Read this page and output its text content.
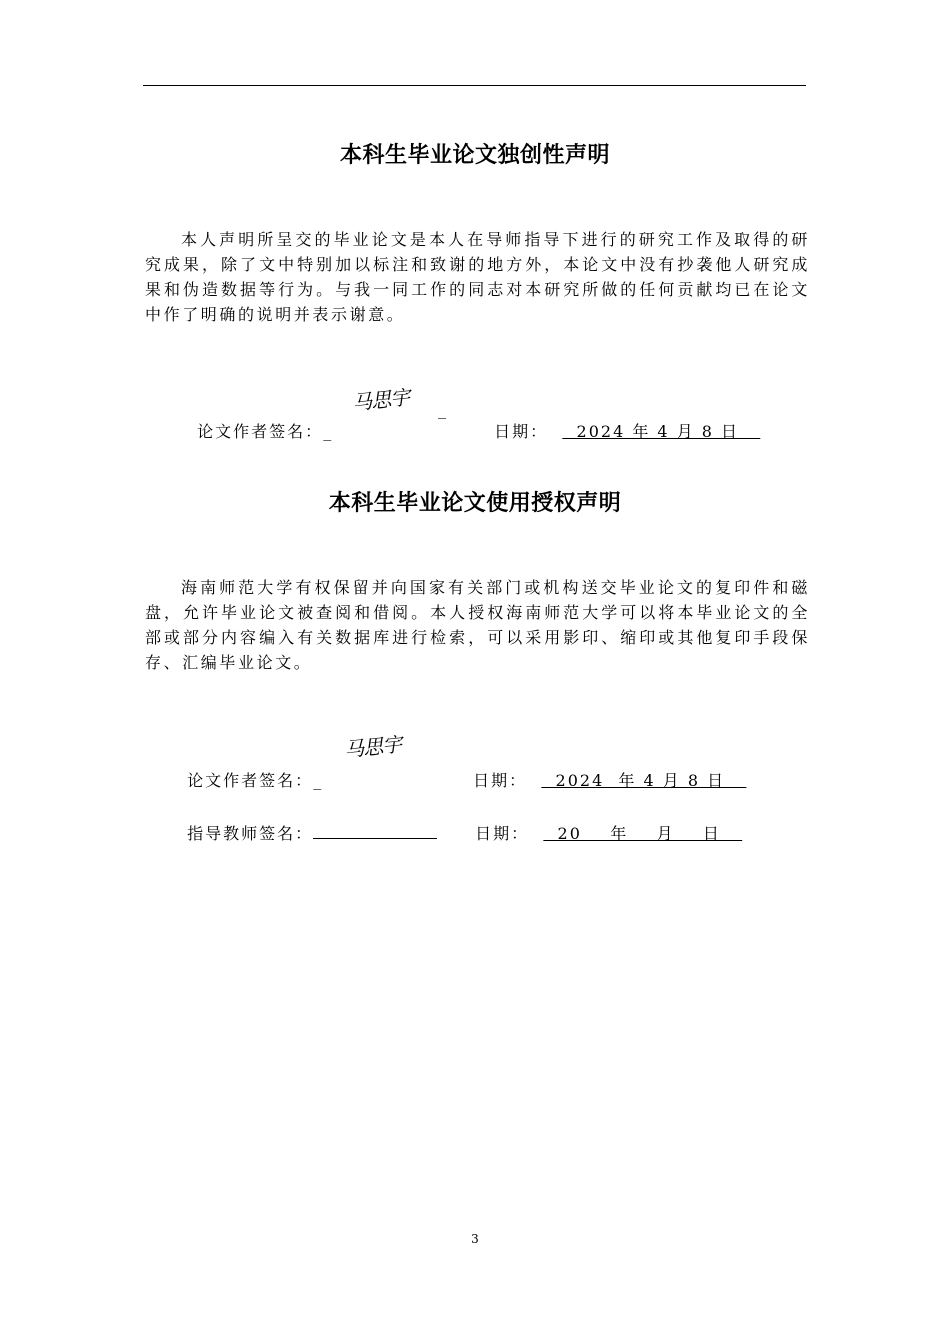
本科生毕业论文独创性声明
本人声明所呈交的毕业论文是本人在导师指导下进行的研究工作及取得的研究成果，除了文中特别加以标注和致谢的地方外，本论文中没有抄袭他人研究成果和伪造数据等行为。与我一同工作的同志对本研究所做的任何贡献均已在论文中作了明确的说明并表示谢意。

论文作者签名：_

马思宇 _

日期：    2024 年 4 月 8 日

本科生毕业论文使用授权声明
海南师范大学有权保留并向国家有关部门或机构送交毕业论文的复印件和磁盘，允许毕业论文被查阅和借阅。本人授权海南师范大学可以将本毕业论文的全部或部分内容编入有关数据库进行检索，可以采用影印、缩印或其他复印手段保存、汇编毕业论文。

论文作者签名：_

马思宇

日期：    2024  年 4 月 8 日

指导教师签名：	日期：    20    年    月    日

3
